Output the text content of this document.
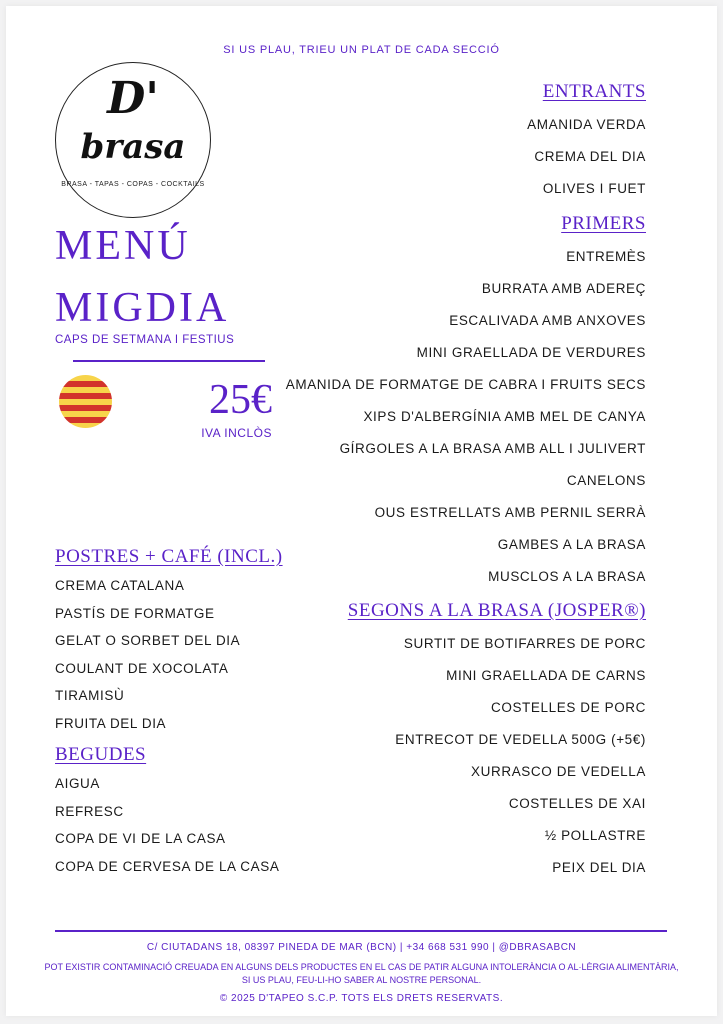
SI US PLAU, TRIEU UN PLAT DE CADA SECCIÓ
D'
brasa
BRASA - TAPAS - COPAS - COCKTAILS
MENÚ
MIGDIA
CAPS DE SETMANA I FESTIUS
25€
IVA INCLÒS
ENTRANTS
AMANIDA VERDA
CREMA DEL DIA
OLIVES I FUET
PRIMERS
ENTREMÈS
BURRATA AMB ADEREÇ
ESCALIVADA AMB ANXOVES
MINI GRAELLADA DE VERDURES
AMANIDA DE FORMATGE DE CABRA I FRUITS SECS
XIPS D'ALBERGÍNIA AMB MEL DE CANYA
GÍRGOLES A LA BRASA AMB ALL I JULIVERT
CANELONS
OUS ESTRELLATS AMB PERNIL SERRÀ
GAMBES A LA BRASA
MUSCLOS A LA BRASA
SEGONS A LA BRASA (JOSPER®)
SURTIT DE BOTIFARRES DE PORC
MINI GRAELLADA DE CARNS
COSTELLES DE PORC
ENTRECOT DE VEDELLA 500G (+5€)
XURRASCO DE VEDELLA
COSTELLES DE XAI
½ POLLASTRE
PEIX DEL DIA
POSTRES + CAFÉ (INCL.)
CREMA CATALANA
PASTÍS DE FORMATGE
GELAT O SORBET DEL DIA
COULANT DE XOCOLATA
TIRAMISÙ
FRUITA DEL DIA
BEGUDES
AIGUA
REFRESC
COPA DE VI DE LA CASA
COPA DE CERVESA DE LA CASA
C/ CIUTADANS 18, 08397 PINEDA DE MAR (BCN) | +34 668 531 990 | @DBRASABCN
POT EXISTIR CONTAMINACIÓ CREUADA EN ALGUNS DELS PRODUCTES EN EL CAS DE PATIR ALGUNA INTOLERÀNCIA O AL·LÈRGIA ALIMENTÀRIA,
SI US PLAU, FEU-LI-HO SABER AL NOSTRE PERSONAL.
© 2025 D'TAPEO S.C.P. TOTS ELS DRETS RESERVATS.
